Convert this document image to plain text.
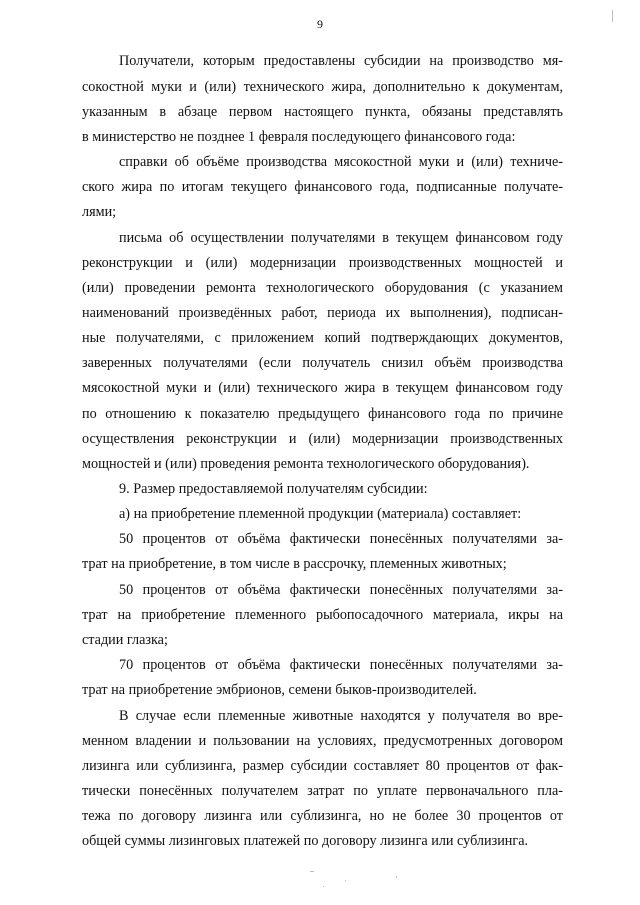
9
Получатели, которым предоставлены субсидии на производство мя-
сокостной муки и (или) технического жира, дополнительно к документам,
указанным в абзаце первом настоящего пункта, обязаны представлять
в министерство не позднее 1 февраля последующего финансового года:
справки об объёме производства мясокостной муки и (или) техниче-
ского жира по итогам текущего финансового года, подписанные получате-
лями;
письма об осуществлении получателями в текущем финансовом году
реконструкции и (или) модернизации производственных мощностей и
(или) проведении ремонта технологического оборудования (с указанием
наименований произведённых работ, периода их выполнения), подписан-
ные получателями, с приложением копий подтверждающих документов,
заверенных получателями (если получатель снизил объём производства
мясокостной муки и (или) технического жира в текущем финансовом году
по отношению к показателю предыдущего финансового года по причине
осуществления реконструкции и (или) модернизации производственных
мощностей и (или) проведения ремонта технологического оборудования).
9. Размер предоставляемой получателям субсидии:
а) на приобретение племенной продукции (материала) составляет:
50 процентов от объёма фактически понесённых получателями за-
трат на приобретение, в том числе в рассрочку, племенных животных;
50 процентов от объёма фактически понесённых получателями за-
трат на приобретение племенного рыбопосадочного материала, икры на
стадии глазка;
70 процентов от объёма фактически понесённых получателями за-
трат на приобретение эмбрионов, семени быков-производителей.
В случае если племенные животные находятся у получателя во вре-
менном владении и пользовании на условиях, предусмотренных договором
лизинга или сублизинга, размер субсидии составляет 80 процентов от фак-
тически понесённых получателем затрат по уплате первоначального пла-
тежа по договору лизинга или сублизинга, но не более 30 процентов от
общей суммы лизинговых платежей по договору лизинга или сублизинга.
